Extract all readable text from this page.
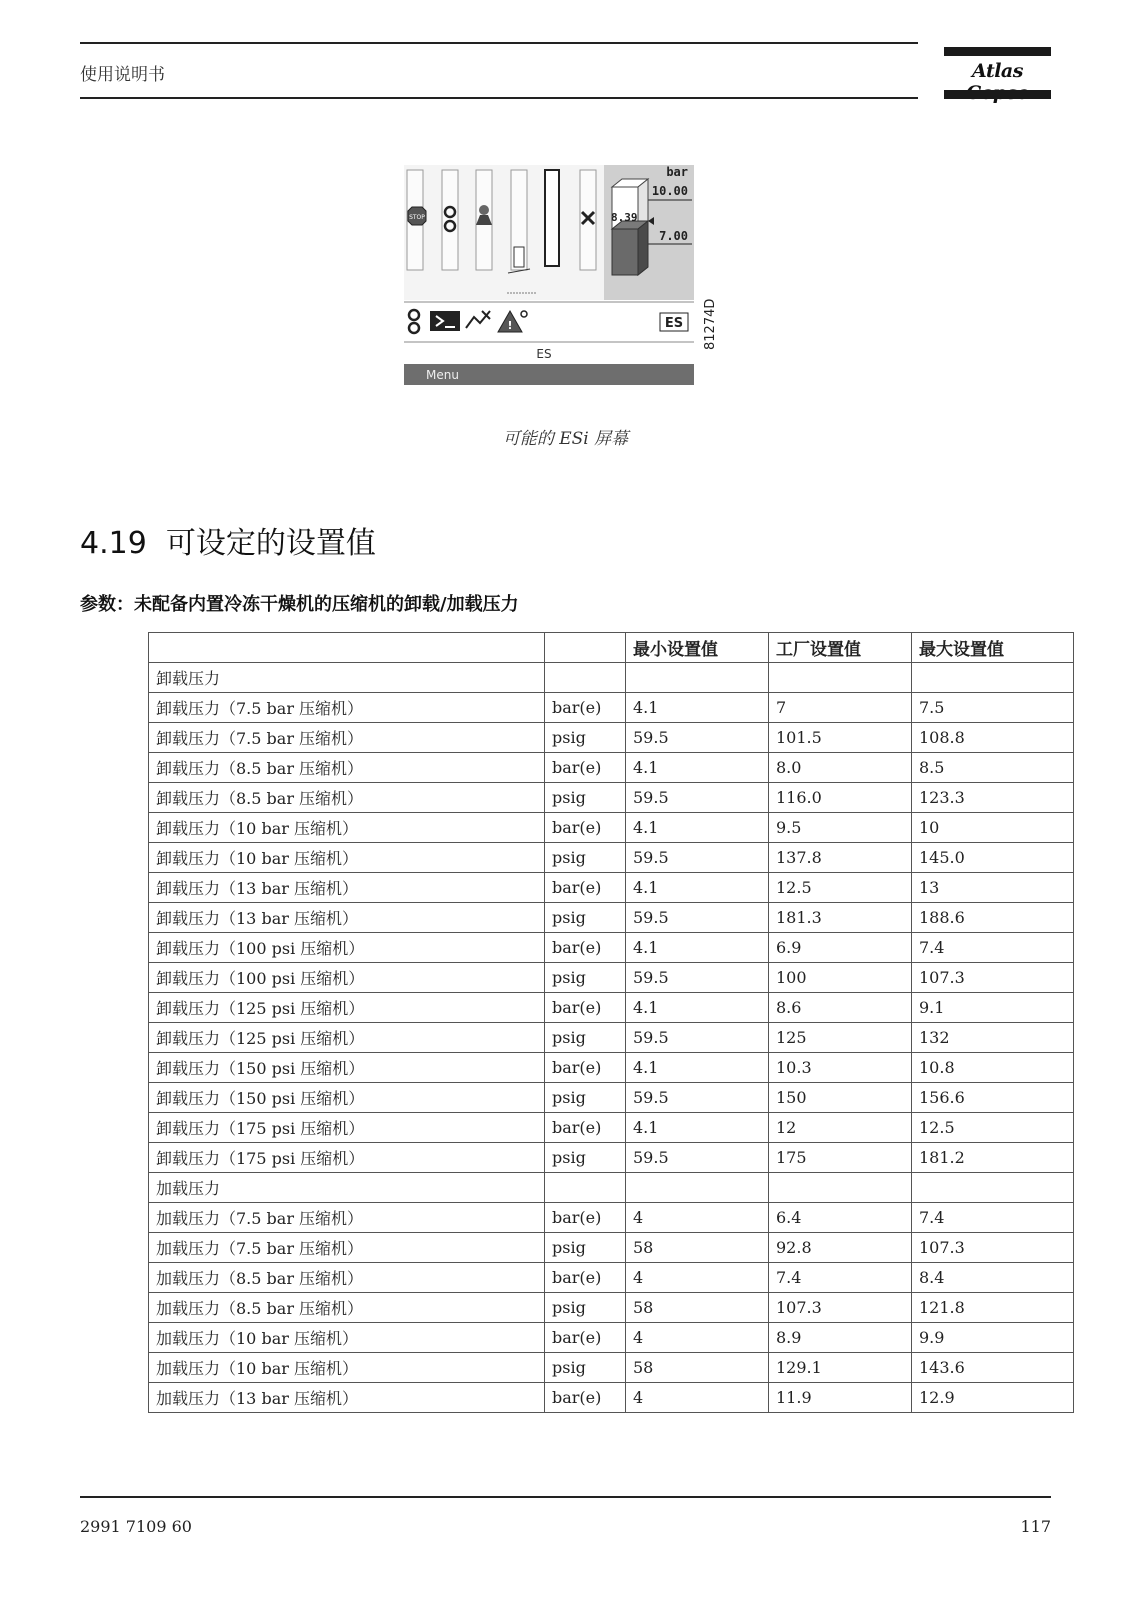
使用说明书	Atlas
STOP
bar
10.00
7.00
8.39
!	ES
ES
Menu
81274D
可能的 ESi 屏幕
4.19 可设定的设置值
参数：未配备内置冷冻干燥机的压缩机的卸载/加载压力
		最小设置值	工厂设置值	最大设置值
卸载压力				
卸载压力（7.5 bar 压缩机）	bar(e)	4.1	7	7.5
卸载压力（7.5 bar 压缩机）	psig	59.5	101.5	108.8
卸载压力（8.5 bar 压缩机）	bar(e)	4.1	8.0	8.5
卸载压力（8.5 bar 压缩机）	psig	59.5	116.0	123.3
卸载压力（10 bar 压缩机）	bar(e)	4.1	9.5	10
卸载压力（10 bar 压缩机）	psig	59.5	137.8	145.0
卸载压力（13 bar 压缩机）	bar(e)	4.1	12.5	13
卸载压力（13 bar 压缩机）	psig	59.5	181.3	188.6
卸载压力（100 psi 压缩机）	bar(e)	4.1	6.9	7.4
卸载压力（100 psi 压缩机）	psig	59.5	100	107.3
卸载压力（125 psi 压缩机）	bar(e)	4.1	8.6	9.1
卸载压力（125 psi 压缩机）	psig	59.5	125	132
卸载压力（150 psi 压缩机）	bar(e)	4.1	10.3	10.8
卸载压力（150 psi 压缩机）	psig	59.5	150	156.6
卸载压力（175 psi 压缩机）	bar(e)	4.1	12	12.5
卸载压力（175 psi 压缩机）	psig	59.5	175	181.2
加载压力				
加载压力（7.5 bar 压缩机）	bar(e)	4	6.4	7.4
加载压力（7.5 bar 压缩机）	psig	58	92.8	107.3
加载压力（8.5 bar 压缩机）	bar(e)	4	7.4	8.4
加载压力（8.5 bar 压缩机）	psig	58	107.3	121.8
加载压力（10 bar 压缩机）	bar(e)	4	8.9	9.9
加载压力（10 bar 压缩机）	psig	58	129.1	143.6
加载压力（13 bar 压缩机）	bar(e)	4	11.9	12.9
2991 7109 60	117
